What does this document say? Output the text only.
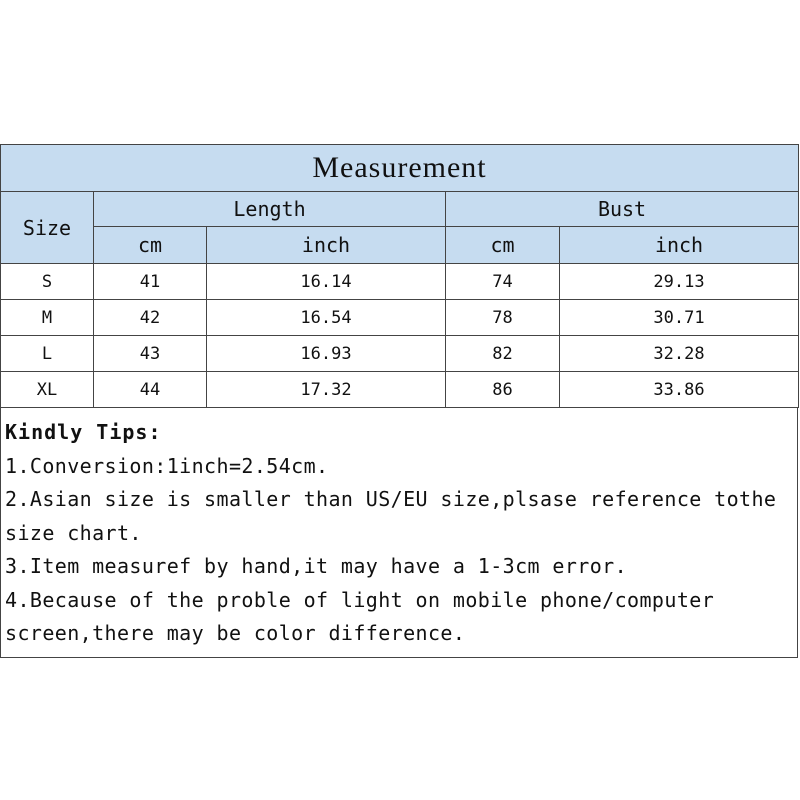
Measurement				
Size	Length		Bust	
	cm	inch	cm	inch
S	41	16.14	74	29.13
M	42	16.54	78	30.71
L	43	16.93	82	32.28
XL	44	17.32	86	33.86
Kindly Tips:
1.Conversion:1inch=2.54cm.
2.Asian size is smaller than US/EU size,plsase reference tothe size chart.
3.Item measuref by hand,it may have a 1-3cm error.
4.Because of the proble of light on mobile phone/computer screen,there may be color difference.
